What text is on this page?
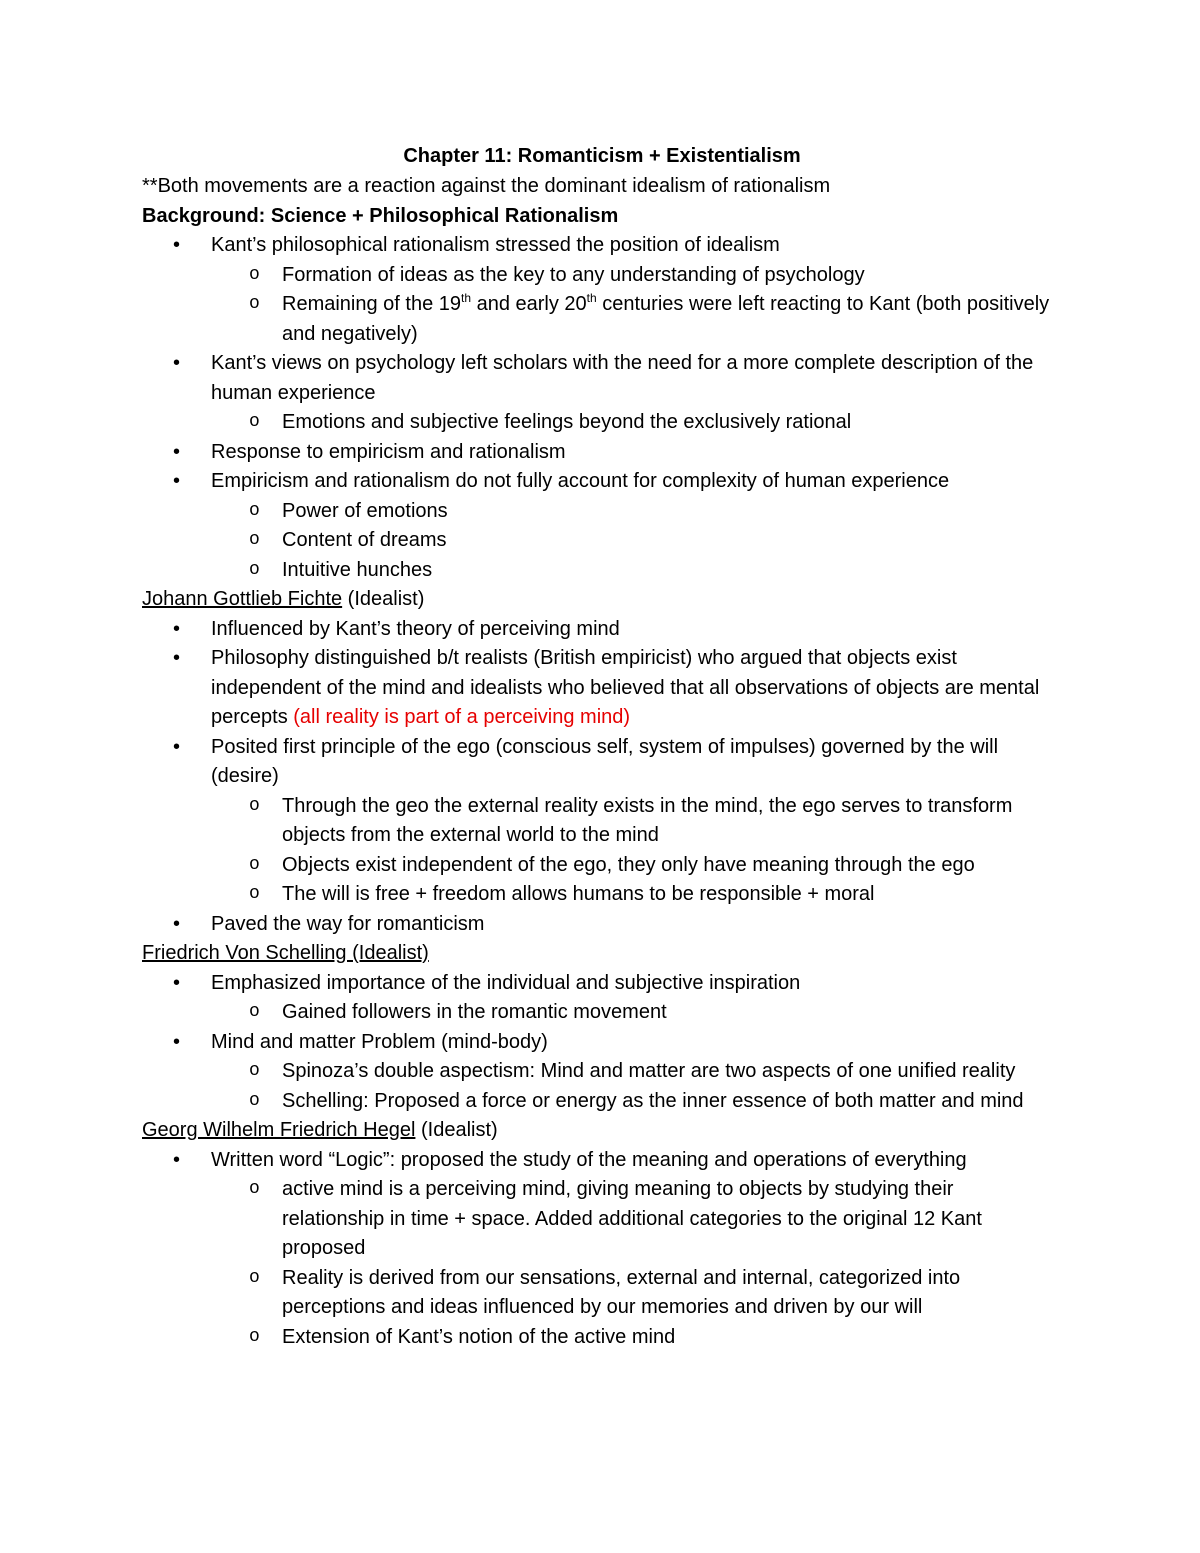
Chapter 11: Romanticism + Existentialism

**Both movements are a reaction against the dominant idealism of rationalism

Background: Science + Philosophical Rationalism

• Kant’s philosophical rationalism stressed the position of idealism
o Formation of ideas as the key to any understanding of psychology
o Remaining of the 19th and early 20th centuries were left reacting to Kant (both positively and negatively)
• Kant’s views on psychology left scholars with the need for a more complete description of the human experience
o Emotions and subjective feelings beyond the exclusively rational
• Response to empiricism and rationalism
• Empiricism and rationalism do not fully account for complexity of human experience
o Power of emotions
o Content of dreams
o Intuitive hunches

Johann Gottlieb Fichte (Idealist)

• Influenced by Kant’s theory of perceiving mind
• Philosophy distinguished b/t realists (British empiricist) who argued that objects exist independent of the mind and idealists who believed that all observations of objects are mental percepts (all reality is part of a perceiving mind)
• Posited first principle of the ego (conscious self, system of impulses) governed by the will (desire)
o Through the geo the external reality exists in the mind, the ego serves to transform objects from the external world to the mind
o Objects exist independent of the ego, they only have meaning through the ego
o The will is free + freedom allows humans to be responsible + moral
• Paved the way for romanticism

Friedrich Von Schelling (Idealist)

• Emphasized importance of the individual and subjective inspiration
o Gained followers in the romantic movement
• Mind and matter Problem (mind-body)
o Spinoza’s double aspectism: Mind and matter are two aspects of one unified reality
o Schelling: Proposed a force or energy as the inner essence of both matter and mind

Georg Wilhelm Friedrich Hegel (Idealist)

• Written word “Logic”: proposed the study of the meaning and operations of everything
o active mind is a perceiving mind, giving meaning to objects by studying their relationship in time + space. Added additional categories to the original 12 Kant proposed
o Reality is derived from our sensations, external and internal, categorized into perceptions and ideas influenced by our memories and driven by our will
o Extension of Kant’s notion of the active mind
